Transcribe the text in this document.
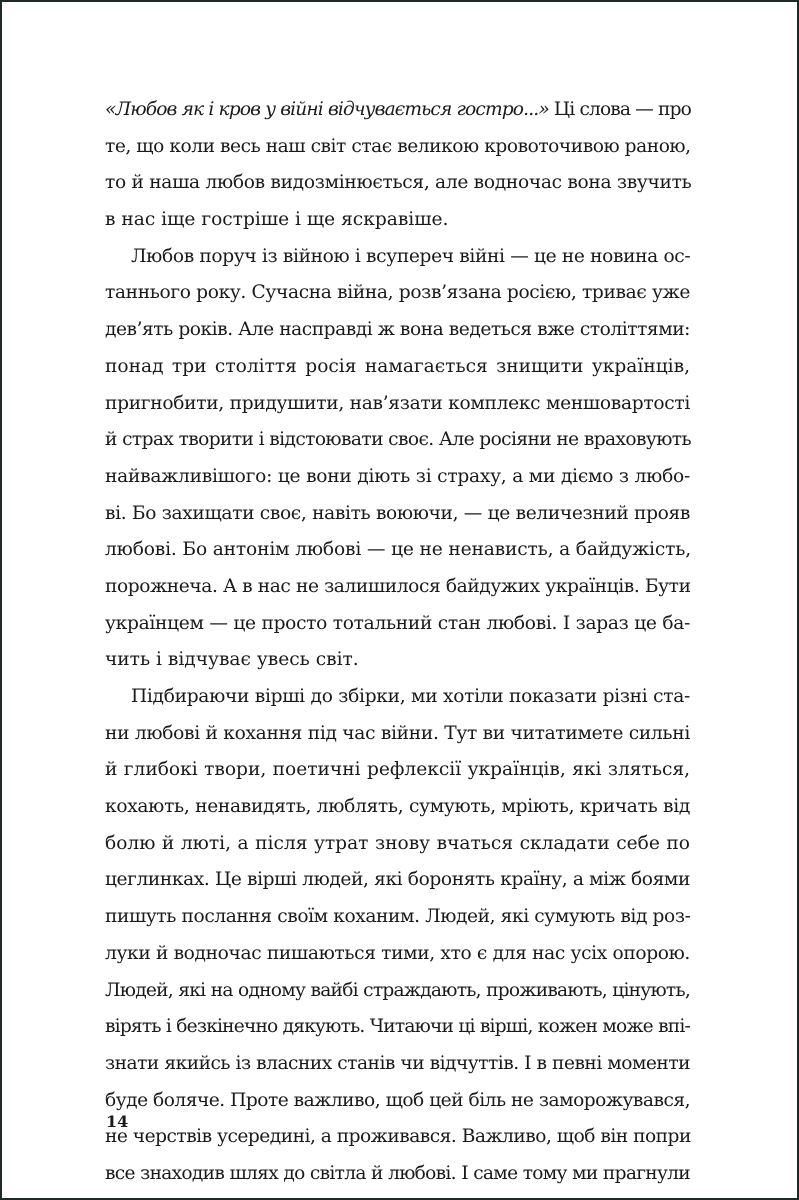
«Любов як і кров у війні відчувається гостро...» Ці слова — про
те, що коли весь наш світ стає великою кровоточивою раною,
то й наша любов видозмінюється, але водночас вона звучить
в нас іще гостріше і ще яскравіше.
Любов поруч із війною і всупереч війні — це не новина ос-
таннього року. Сучасна війна, розв’язана росією, триває уже
дев’ять років. Але насправді ж вона ведеться вже століттями:
понад три століття росія намагається знищити українців,
пригнобити, придушити, нав’язати комплекс меншовартості
й страх творити і відстоювати своє. Але росіяни не враховують
найважливішого: це вони діють зі страху, а ми діємо з любо-
ві. Бо захищати своє, навіть воюючи, — це величезний прояв
любові. Бо антонім любові — це не ненависть, а байдужість,
порожнеча. А в нас не залишилося байдужих українців. Бути
українцем — це просто тотальний стан любові. І зараз це ба-
чить і відчуває увесь світ.
Підбираючи вірші до збірки, ми хотіли показати різні ста-
ни любові й кохання під час війни. Тут ви читатимете сильні
й глибокі твори, поетичні рефлексії українців, які зляться,
кохають, ненавидять, люблять, сумують, мріють, кричать від
болю й люті, а після утрат знову вчаться складати себе по
цеглинках. Це вірші людей, які боронять країну, а між боями
пишуть послання своїм коханим. Людей, які сумують від роз-
луки й водночас пишаються тими, хто є для нас усіх опорою.
Людей, які на одному вайбі страждають, проживають, цінують,
вірять і безкінечно дякують. Читаючи ці вірші, кожен може впі-
знати якийсь із власних станів чи відчуттів. І в певні моменти
буде боляче. Проте важливо, щоб цей біль не заморожувався,
не черствів усередині, а проживався. Важливо, щоб він попри
все знаходив шлях до світла й любові. І саме тому ми прагнули
14
